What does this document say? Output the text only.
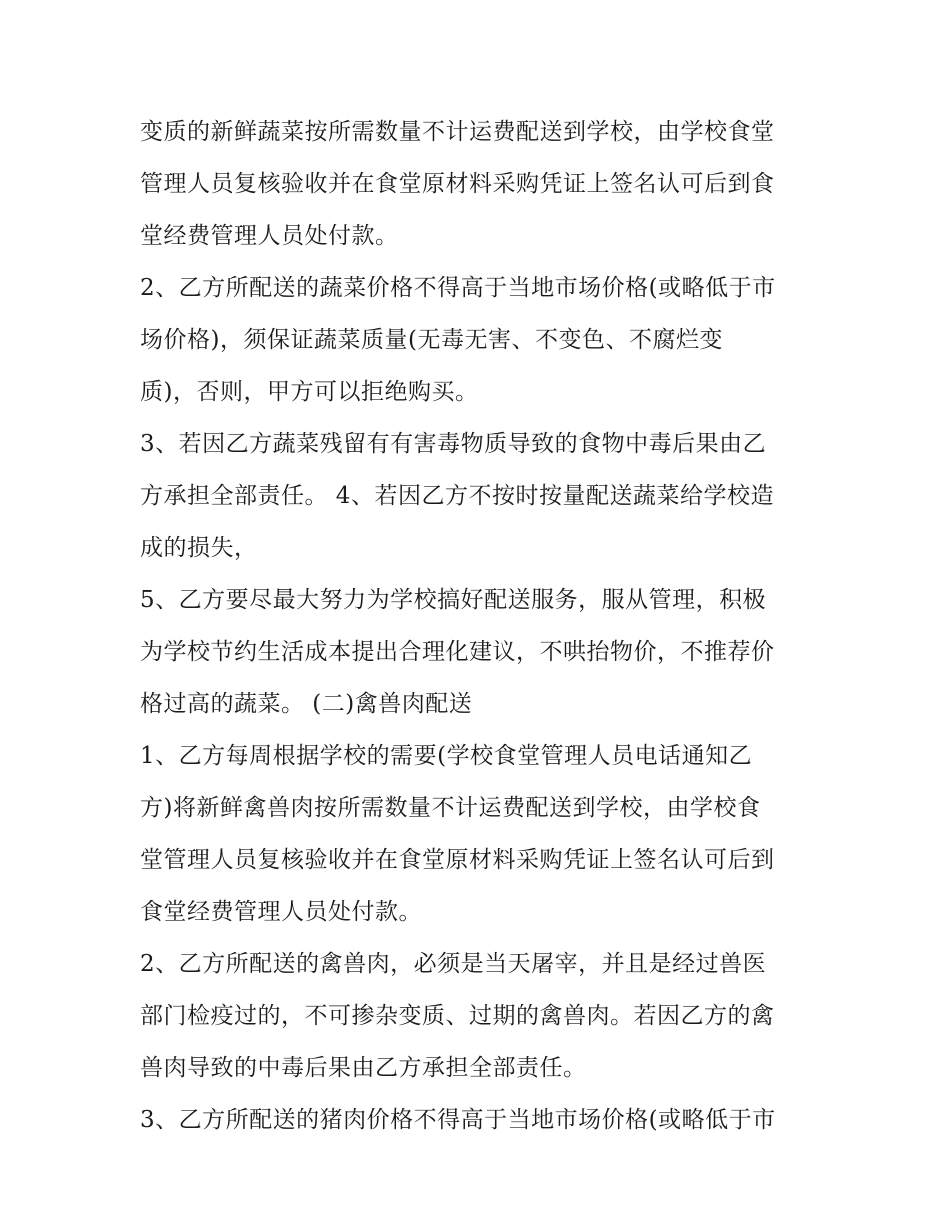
变质的新鲜蔬菜按所需数量不计运费配送到学校，由学校食堂
管理人员复核验收并在食堂原材料采购凭证上签名认可后到食
堂经费管理人员处付款。
2、乙方所配送的蔬菜价格不得高于当地市场价格(或略低于市
场价格)，须保证蔬菜质量(无毒无害、不变色、不腐烂变
质)，否则，甲方可以拒绝购买。
3、若因乙方蔬菜残留有有害毒物质导致的食物中毒后果由乙
方承担全部责任。 4、若因乙方不按时按量配送蔬菜给学校造
成的损失，
5、乙方要尽最大努力为学校搞好配送服务，服从管理，积极
为学校节约生活成本提出合理化建议，不哄抬物价，不推荐价
格过高的蔬菜。 (二)禽兽肉配送
1、乙方每周根据学校的需要(学校食堂管理人员电话通知乙
方)将新鲜禽兽肉按所需数量不计运费配送到学校，由学校食
堂管理人员复核验收并在食堂原材料采购凭证上签名认可后到
食堂经费管理人员处付款。
2、乙方所配送的禽兽肉，必须是当天屠宰，并且是经过兽医
部门检疫过的，不可掺杂变质、过期的禽兽肉。若因乙方的禽
兽肉导致的中毒后果由乙方承担全部责任。
3、乙方所配送的猪肉价格不得高于当地市场价格(或略低于市
